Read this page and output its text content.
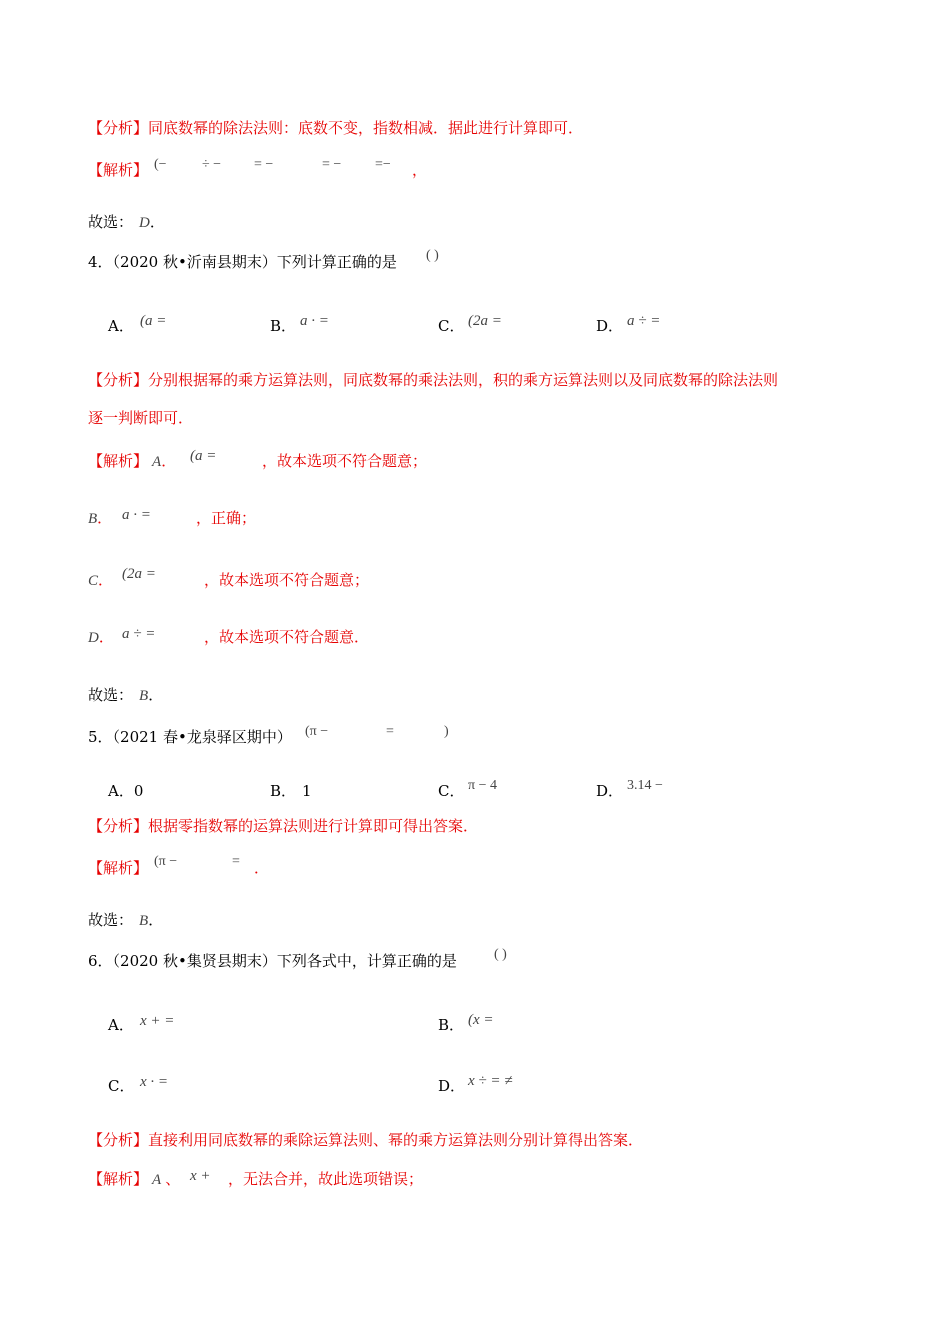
【分析】同底数幂的除法法则：底数不变，指数相减．据此进行计算即可．
【解析】 (−	÷ − = −	= − =− ，
故选： D．
4．（2020 秋•沂南县期末）下列计算正确的是 ( )
A． (a =	B． a · =	C． (2a =	D． a ÷ =
【分析】分别根据幂的乘方运算法则，同底数幂的乘法法则，积的乘方运算法则以及同底数幂的除法法则
逐一判断即可．
【解析】 A． (a =	，故本选项不符合题意；
B． a · =	，正确；
C． (2a =	，故本选项不符合题意；
D． a ÷ =	，故本选项不符合题意．
故选： B．
5．（2021 春•龙泉驿区期中） (π −	=	)
A．0	B． 1	C． π − 4	D． 3.14 −
【分析】根据零指数幂的运算法则进行计算即可得出答案．
【解析】 (π −	= ．
故选： B．
6．（2020 秋•集贤县期末）下列各式中，计算正确的是	( )
A． x + =	B． (x =
C． x · =	D． x ÷ = ≠
【分析】直接利用同底数幂的乘除运算法则、幂的乘方运算法则分别计算得出答案．
【解析】 A 、 x + ，无法合并，故此选项错误；
